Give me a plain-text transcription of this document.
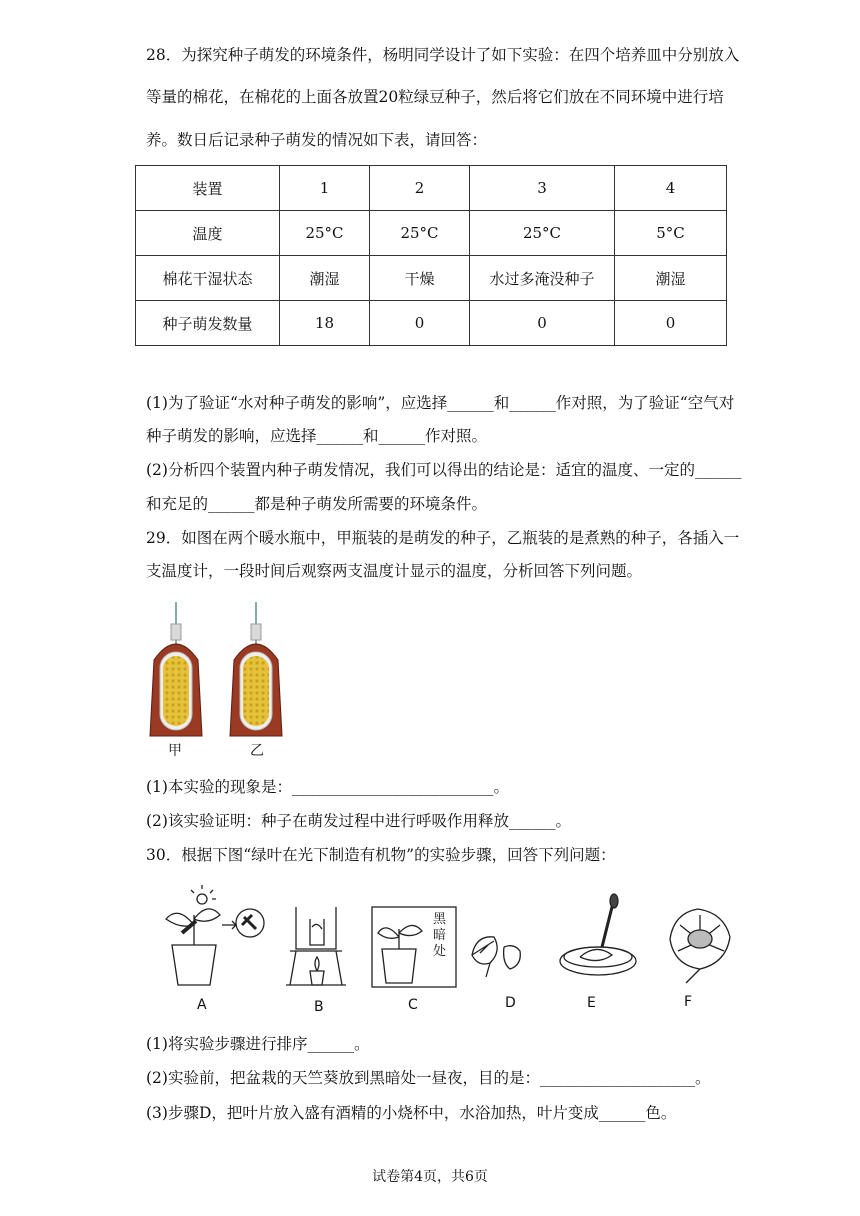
28．为探究种子萌发的环境条件，杨明同学设计了如下实验：在四个培养皿中分别放入
等量的棉花，在棉花的上面各放置20粒绿豆种子，然后将它们放在不同环境中进行培
养。数日后记录种子萌发的情况如下表，请回答：
装置	1	2	3	4
温度	25°C	25°C	25°C	5°C
棉花干湿状态	潮湿	干燥	水过多淹没种子	潮湿
种子萌发数量	18	0	0	0
(1)为了验证“水对种子萌发的影响”，应选择______和______作对照，为了验证“空气对
种子萌发的影响，应选择______和______作对照。
(2)分析四个装置内种子萌发情况，我们可以得出的结论是：适宜的温度、一定的______
和充足的______都是种子萌发所需要的环境条件。
29．如图在两个暖水瓶中，甲瓶装的是萌发的种子，乙瓶装的是煮熟的种子，各插入一
支温度计，一段时间后观察两支温度计显示的温度，分析回答下列问题。
甲	乙
(1)本实验的现象是：__________________________。
(2)该实验证明：种子在萌发过程中进行呼吸作用释放______。
30．根据下图“绿叶在光下制造有机物”的实验步骤，回答下列问题：
黑
暗
处
A	B	C	D	E	F
(1)将实验步骤进行排序______。
(2)实验前，把盆栽的天竺葵放到黑暗处一昼夜，目的是：____________________。
(3)步骤D，把叶片放入盛有酒精的小烧杯中，水浴加热，叶片变成______色。
试卷第4页，共6页
